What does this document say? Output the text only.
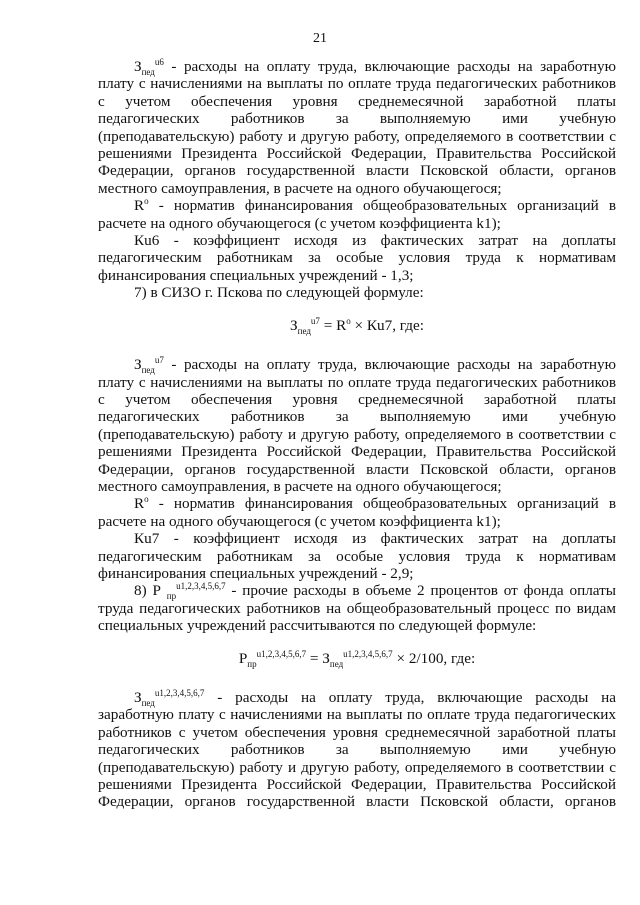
21

$З_{пед}^{u6}$ - расходы на оплату труда, включающие расходы на заработную плату с начислениями на выплаты по оплате труда педагогических работников с учетом обеспечения уровня среднемесячной заработной платы педагогических работников за выполняемую ими учебную (преподавательскую) работу и другую работу, определяемого в соответствии с решениями Президента Российской Федерации, Правительства Российской Федерации, органов государственной власти Псковской области, органов местного самоуправления, в расчете на одного обучающегося;

$R^o$ - норматив финансирования общеобразовательных организаций в расчете на одного обучающегося (с учетом коэффициента k1);

Кu6 - коэффициент исходя из фактических затрат на доплаты педагогическим работникам за особые условия труда к нормативам финансирования специальных учреждений - 1,3;

7) в СИЗО г. Пскова по следующей формуле:

$З_{пед}^{u7} = R^o \times Кu7$, где:

$З_{пед}^{u7}$ - расходы на оплату труда, включающие расходы на заработную плату с начислениями на выплаты по оплате труда педагогических работников с учетом обеспечения уровня среднемесячной заработной платы педагогических работников за выполняемую ими учебную (преподавательскую) работу и другую работу, определяемого в соответствии с решениями Президента Российской Федерации, Правительства Российской Федерации, органов государственной власти Псковской области, органов местного самоуправления, в расчете на одного обучающегося;

$R^o$ - норматив финансирования общеобразовательных организаций в расчете на одного обучающегося (с учетом коэффициента k1);

Кu7 - коэффициент исходя из фактических затрат на доплаты педагогическим работникам за особые условия труда к нормативам финансирования специальных учреждений - 2,9;

8) Р $_{пр}^{u1,2,3,4,5,6,7}$ - прочие расходы в объеме 2 процентов от фонда оплаты труда педагогических работников на общеобразовательный процесс по видам специальных учреждений рассчитываются по следующей формуле:

$Р_{пр}^{u1,2,3,4,5,6,7} = З_{пед}^{u1,2,3,4,5,6,7} \times 2/100$, где:

$З_{пед}^{u1,2,3,4,5,6,7}$ - расходы на оплату труда, включающие расходы на заработную плату с начислениями на выплаты по оплате труда педагогических работников с учетом обеспечения уровня среднемесячной заработной платы педагогических работников за выполняемую ими учебную (преподавательскую) работу и другую работу, определяемого в соответствии с решениями Президента Российской Федерации, Правительства Российской Федерации, органов государственной власти Псковской области, органов
